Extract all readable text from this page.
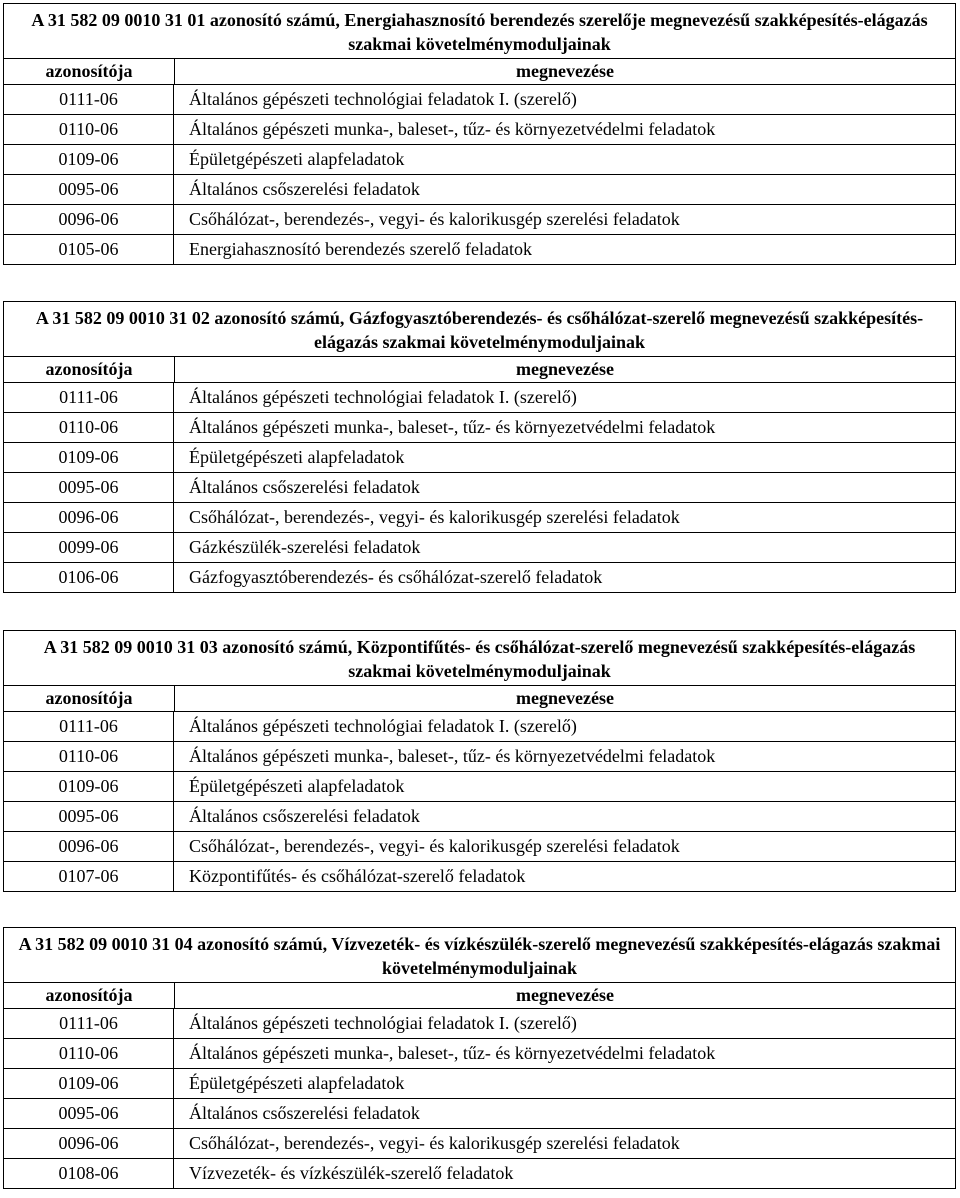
A 31 582 09 0010 31 01 azonosító számú, Energiahasznosító berendezés szerelője megnevezésű szakképesítés-elágazás szakmai követelménymoduljainak
azonosítója	megnevezése
0111-06	Általános gépészeti technológiai feladatok I. (szerelő)
0110-06	Általános gépészeti munka-, baleset-, tűz- és környezetvédelmi feladatok
0109-06	Épületgépészeti alapfeladatok
0095-06	Általános csőszerelési feladatok
0096-06	Csőhálózat-, berendezés-, vegyi- és kalorikusgép szerelési feladatok
0105-06	Energiahasznosító berendezés szerelő feladatok
A 31 582 09 0010 31 02 azonosító számú, Gázfogyasztóberendezés- és csőhálózat-szerelő megnevezésű szakképesítés-elágazás szakmai követelménymoduljainak
azonosítója	megnevezése
0111-06	Általános gépészeti technológiai feladatok I. (szerelő)
0110-06	Általános gépészeti munka-, baleset-, tűz- és környezetvédelmi feladatok
0109-06	Épületgépészeti alapfeladatok
0095-06	Általános csőszerelési feladatok
0096-06	Csőhálózat-, berendezés-, vegyi- és kalorikusgép szerelési feladatok
0099-06	Gázkészülék-szerelési feladatok
0106-06	Gázfogyasztóberendezés- és csőhálózat-szerelő feladatok
A 31 582 09 0010 31 03 azonosító számú, Központifűtés- és csőhálózat-szerelő megnevezésű szakképesítés-elágazás szakmai követelménymoduljainak
azonosítója	megnevezése
0111-06	Általános gépészeti technológiai feladatok I. (szerelő)
0110-06	Általános gépészeti munka-, baleset-, tűz- és környezetvédelmi feladatok
0109-06	Épületgépészeti alapfeladatok
0095-06	Általános csőszerelési feladatok
0096-06	Csőhálózat-, berendezés-, vegyi- és kalorikusgép szerelési feladatok
0107-06	Központifűtés- és csőhálózat-szerelő feladatok
A 31 582 09 0010 31 04 azonosító számú, Vízvezeték- és vízkészülék-szerelő megnevezésű szakképesítés-elágazás szakmai követelménymoduljainak
azonosítója	megnevezése
0111-06	Általános gépészeti technológiai feladatok I. (szerelő)
0110-06	Általános gépészeti munka-, baleset-, tűz- és környezetvédelmi feladatok
0109-06	Épületgépészeti alapfeladatok
0095-06	Általános csőszerelési feladatok
0096-06	Csőhálózat-, berendezés-, vegyi- és kalorikusgép szerelési feladatok
0108-06	Vízvezeték- és vízkészülék-szerelő feladatok
